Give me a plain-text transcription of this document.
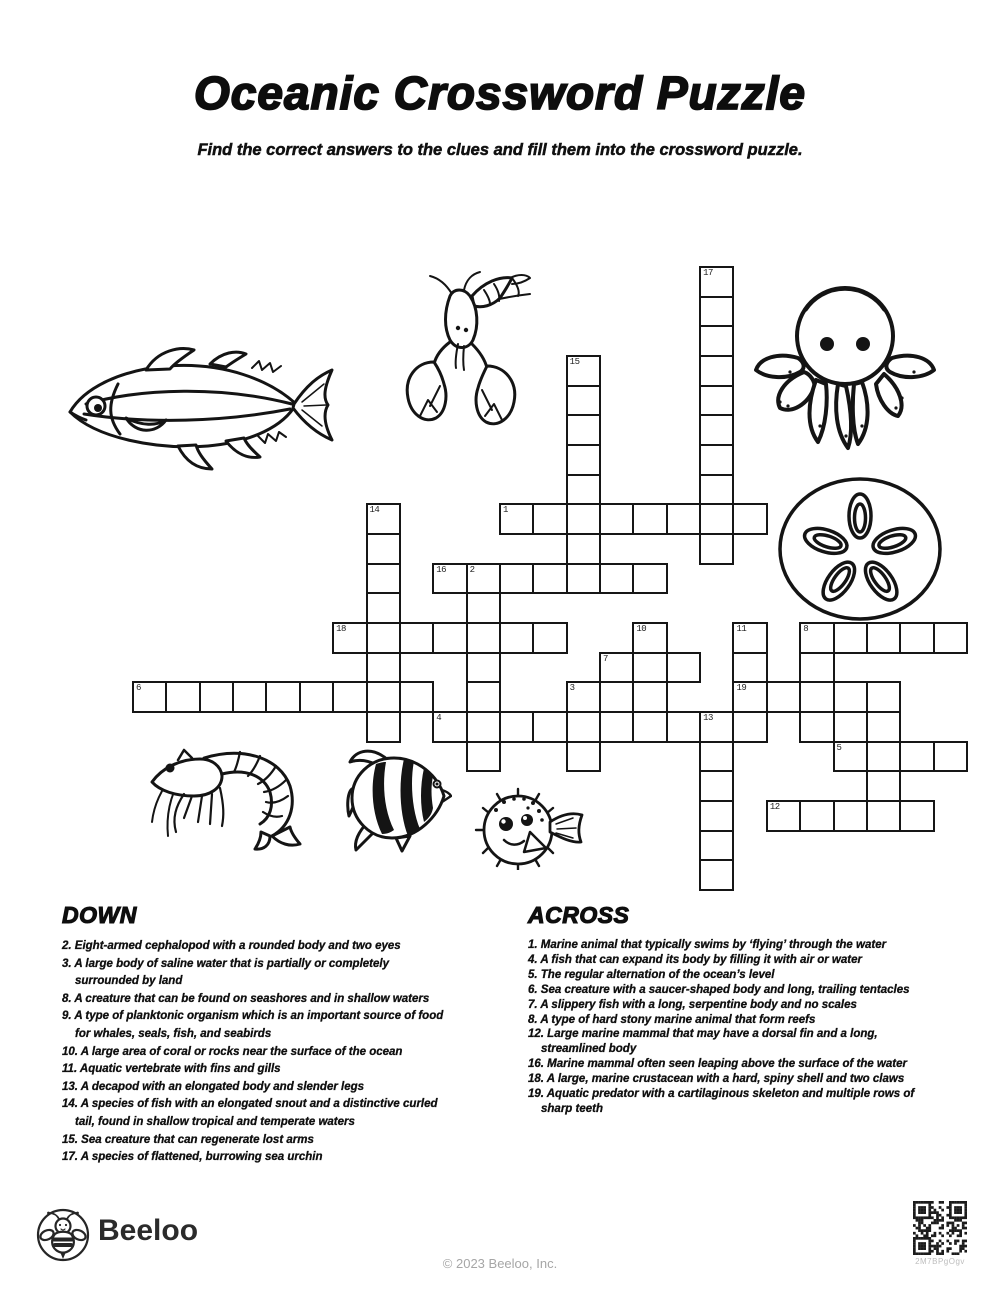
Oceanic Crossword Puzzle
Find the correct answers to the clues and fill them into the crossword puzzle.
17
15
14	1
16	2
18	10	11	8
7
6	3	19
4	13
5
12
DOWN
2. Eight-armed cephalopod with a rounded body and two eyes
3. A large body of saline water that is partially or completely surrounded by land
8. A creature that can be found on seashores and in shallow waters
9. A type of planktonic organism which is an important source of food for whales, seals, fish, and seabirds
10. A large area of coral or rocks near the surface of the ocean
11. Aquatic vertebrate with fins and gills
13. A decapod with an elongated body and slender legs
14. A species of fish with an elongated snout and a distinctive curled tail, found in shallow tropical and temperate waters
15. Sea creature that can regenerate lost arms
17. A species of flattened, burrowing sea urchin
ACROSS
1. Marine animal that typically swims by ‘flying’ through the water
4. A fish that can expand its body by filling it with air or water
5. The regular alternation of the ocean’s level
6. Sea creature with a saucer-shaped body and long, trailing tentacles
7. A slippery fish with a long, serpentine body and no scales
8. A type of hard stony marine animal that form reefs
12. Large marine mammal that may have a dorsal fin and a long, streamlined body
16. Marine mammal often seen leaping above the surface of the water
18. A large, marine crustacean with a hard, spiny shell and two claws
19. Aquatic predator with a cartilaginous skeleton and multiple rows of sharp teeth
Beeloo
© 2023 Beeloo, Inc.	2M7BPgOgv
